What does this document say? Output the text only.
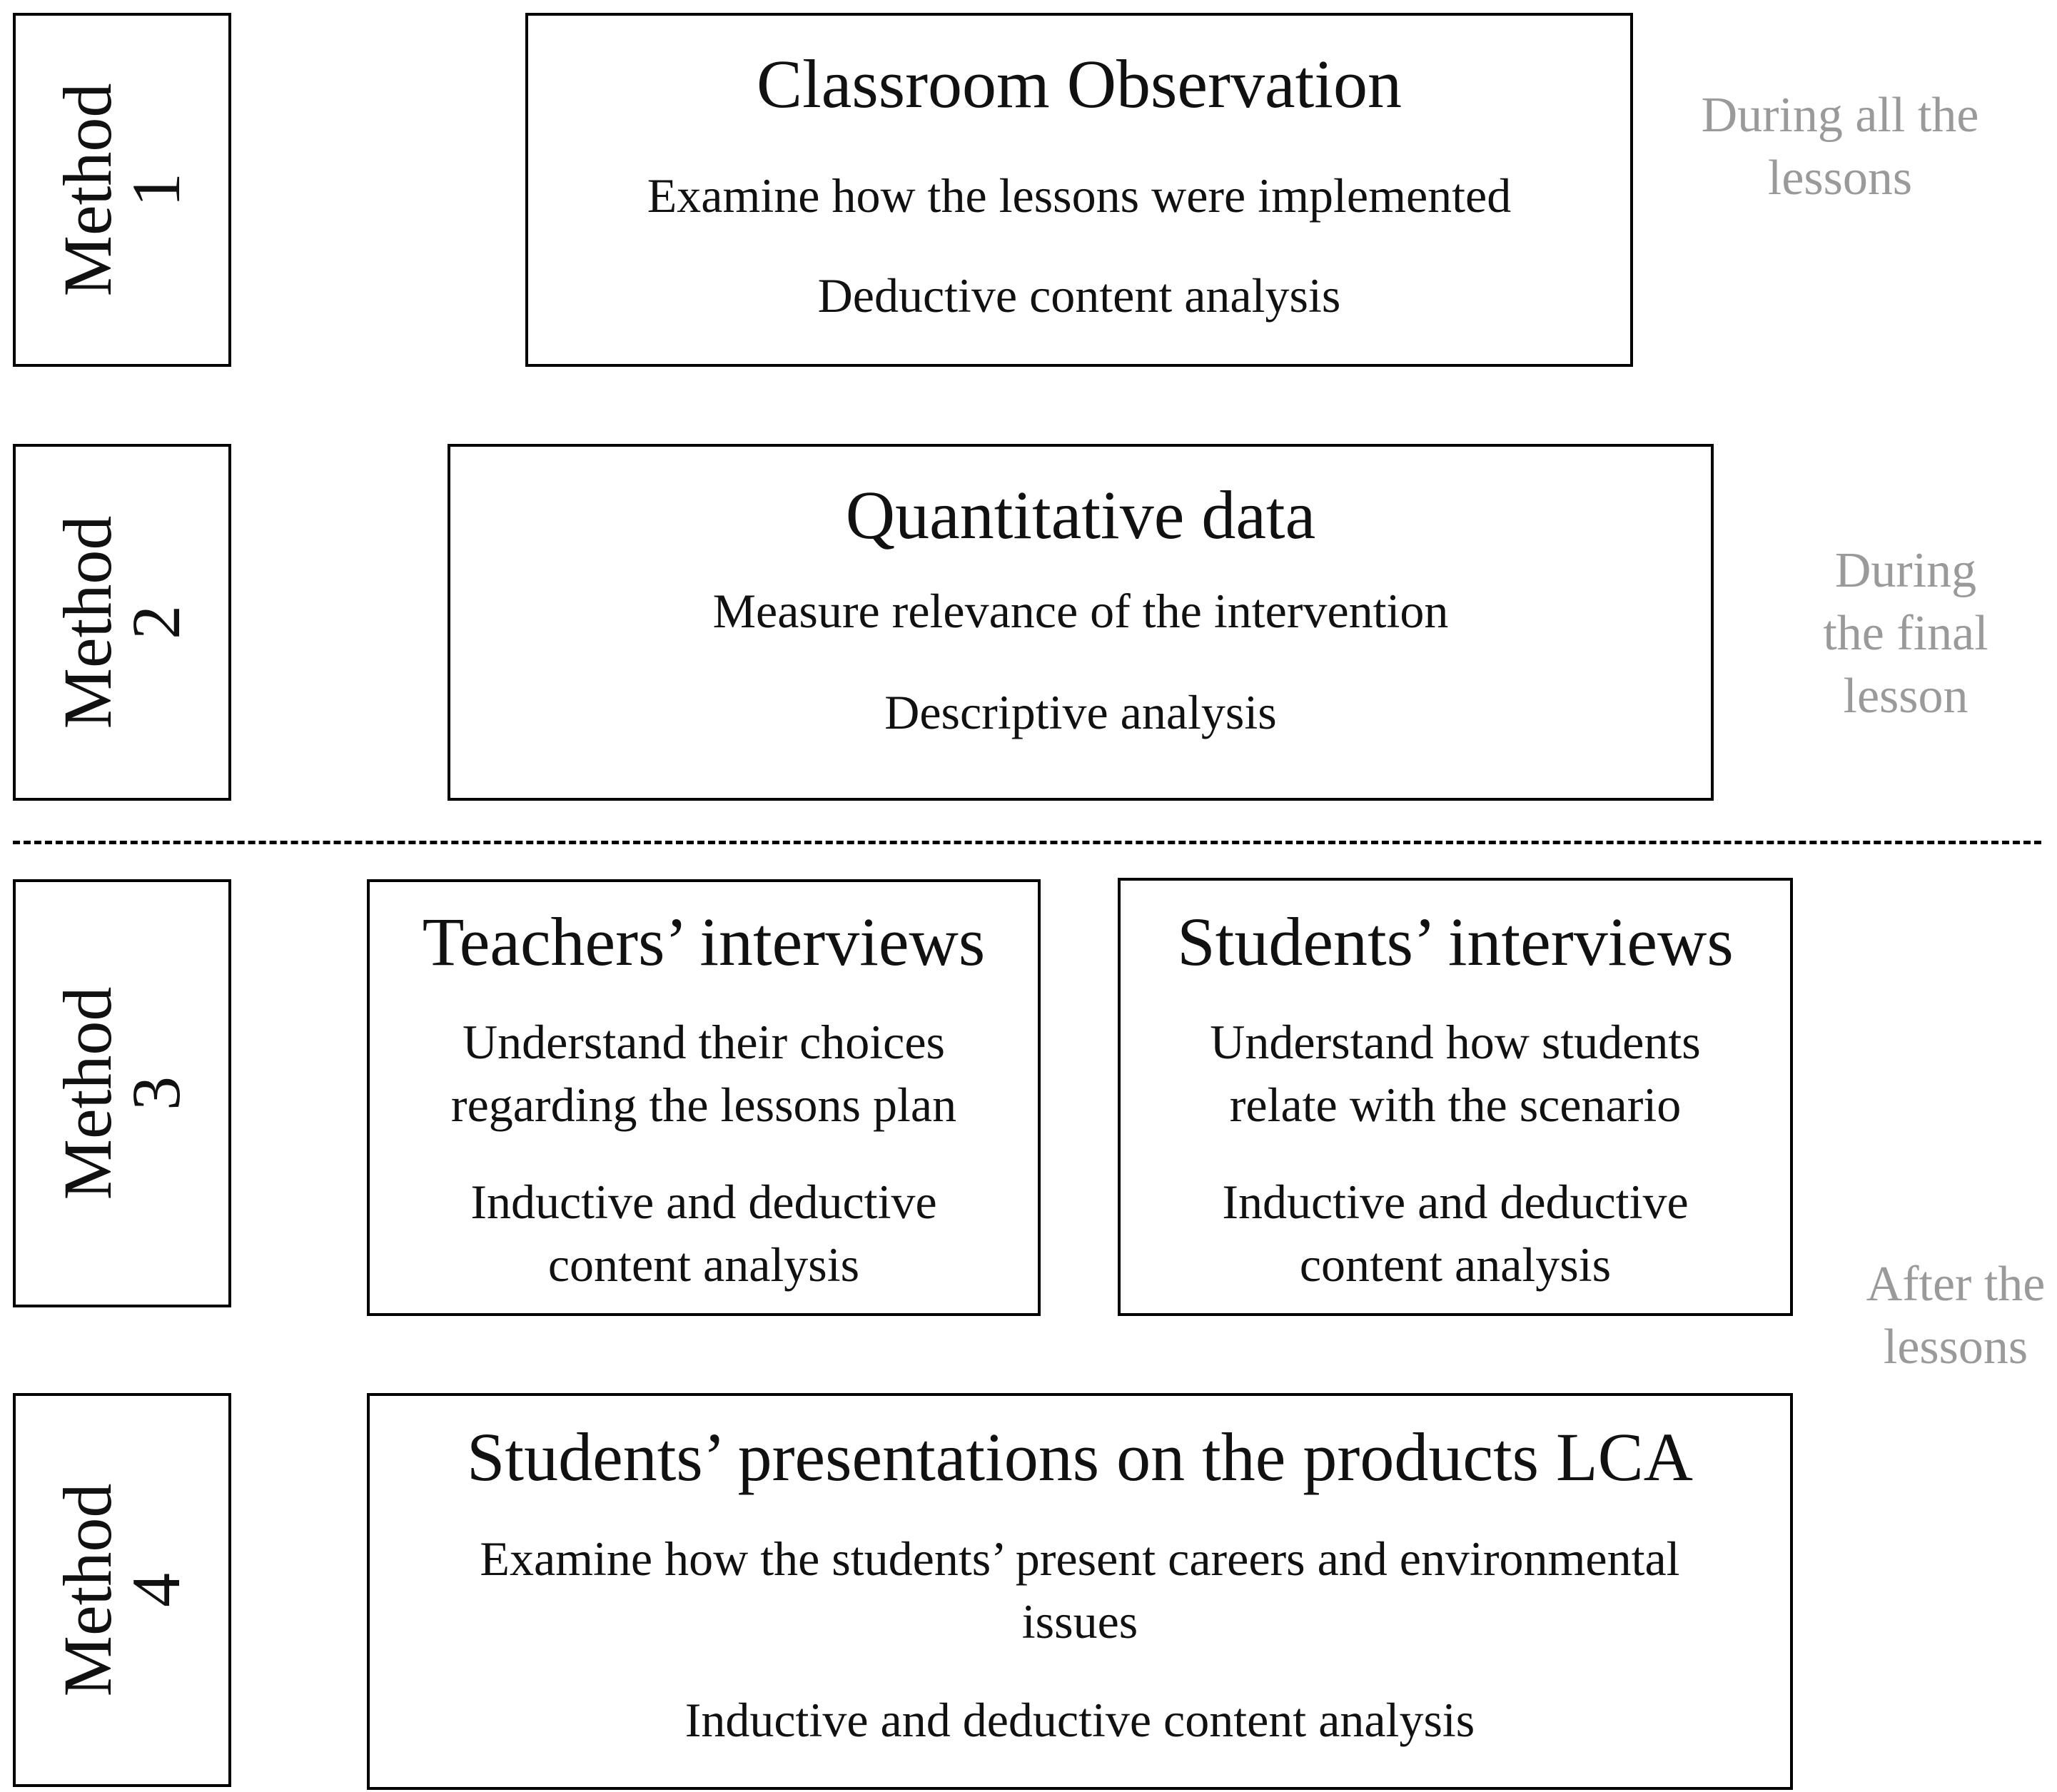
Method
1
Classroom Observation
Examine how the lessons were implemented
Deductive content analysis
During all the
lessons
Method
2
Quantitative data
Measure relevance of the intervention
Descriptive analysis
During
the final
lesson
Method
3
Teachers’ interviews
Understand their choices
regarding the lessons plan
Inductive and deductive
content analysis
Students’ interviews
Understand how students
relate with the scenario
Inductive and deductive
content analysis	After the
lessons
Method
4
Students’ presentations on the products LCA
Examine how the students’ present careers and environmental
issues
Inductive and deductive content analysis
